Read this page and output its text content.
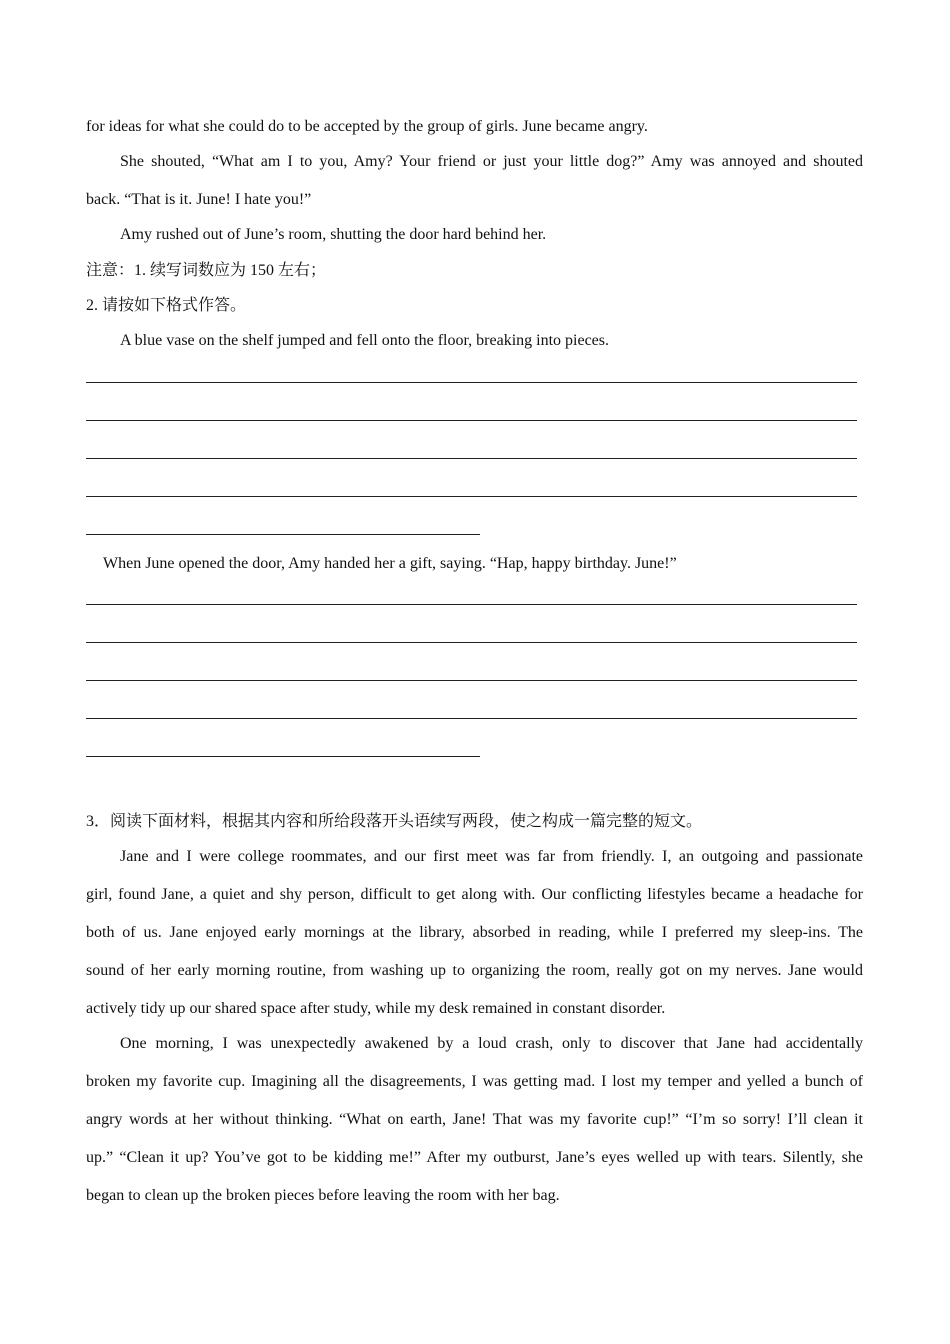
for ideas for what she could do to be accepted by the group of girls. June became angry.
She shouted, “What am I to you, Amy? Your friend or just your little dog?” Amy was annoyed and shouted
back. “That is it. June! I hate you!”
Amy rushed out of June’s room, shutting the door hard behind her.
注意：1. 续写词数应为 150 左右；
2. 请按如下格式作答。
A blue vase on the shelf jumped and fell onto the floor, breaking into pieces.
When June opened the door, Amy handed her a gift, saying. “Hap, happy birthday. June!”
3．阅读下面材料，根据其内容和所给段落开头语续写两段，使之构成一篇完整的短文。
Jane and I were college roommates, and our first meet was far from friendly. I, an outgoing and passionate
girl, found Jane, a quiet and shy person, difficult to get along with. Our conflicting lifestyles became a headache for
both of us. Jane enjoyed early mornings at the library, absorbed in reading, while I preferred my sleep-ins. The
sound of her early morning routine, from washing up to organizing the room, really got on my nerves. Jane would
actively tidy up our shared space after study, while my desk remained in constant disorder.
One morning, I was unexpectedly awakened by a loud crash, only to discover that Jane had accidentally
broken my favorite cup. Imagining all the disagreements, I was getting mad. I lost my temper and yelled a bunch of
angry words at her without thinking. “What on earth, Jane! That was my favorite cup!” “I’m so sorry! I’ll clean it
up.” “Clean it up? You’ve got to be kidding me!” After my outburst, Jane’s eyes welled up with tears. Silently, she
began to clean up the broken pieces before leaving the room with her bag.
